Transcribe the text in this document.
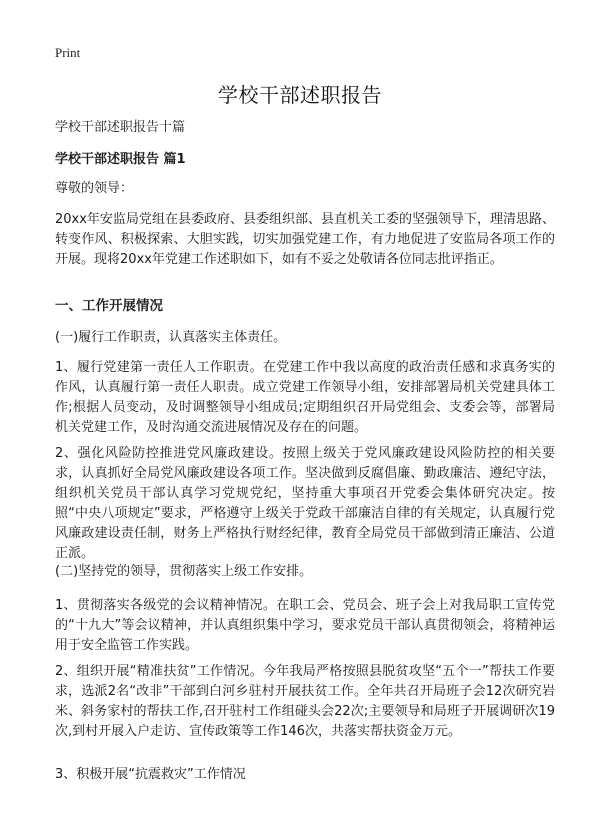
Print
学校干部述职报告

学校干部述职报告十篇

学校干部述职报告 篇1

尊敬的领导：

20xx年安监局党组在县委政府、县委组织部、县直机关工委的坚强领导下，理清思路、转变作风、积极探索、大胆实践，切实加强党建工作，有力地促进了安监局各项工作的开展。现将20xx年党建工作述职如下，如有不妥之处敬请各位同志批评指正。

一、工作开展情况

(一)履行工作职责，认真落实主体责任。

1、履行党建第一责任人工作职责。在党建工作中我以高度的政治责任感和求真务实的作风，认真履行第一责任人职责。成立党建工作领导小组，安排部署局机关党建具体工作;根据人员变动，及时调整领导小组成员;定期组织召开局党组会、支委会等，部署局机关党建工作，及时沟通交流进展情况及存在的问题。

2、强化风险防控推进党风廉政建设。按照上级关于党风廉政建设风险防控的相关要求，认真抓好全局党风廉政建设各项工作。坚决做到反腐倡廉、勤政廉洁、遵纪守法，组织机关党员干部认真学习党规党纪，坚持重大事项召开党委会集体研究决定。按照“中央八项规定”要求，严格遵守上级关于党政干部廉洁自律的有关规定，认真履行党风廉政建设责任制，财务上严格执行财经纪律，教育全局党员干部做到清正廉洁、公道正派。

(二)坚持党的领导，贯彻落实上级工作安排。

1、贯彻落实各级党的会议精神情况。在职工会、党员会、班子会上对我局职工宣传党的“十九大”等会议精神，并认真组织集中学习，要求党员干部认真贯彻领会，将精神运用于安全监管工作实践。

2、组织开展“精准扶贫”工作情况。今年我局严格按照县脱贫攻坚“五个一”帮扶工作要求，选派2名“改非”干部到白河乡驻村开展扶贫工作。全年共召开局班子会12次研究岩米、斜务家村的帮扶工作,召开驻村工作组碰头会22次;主要领导和局班子开展调研次19次,到村开展入户走访、宣传政策等工作146次，共落实帮扶资金万元。

3、积极开展“抗震救灾”工作情况
